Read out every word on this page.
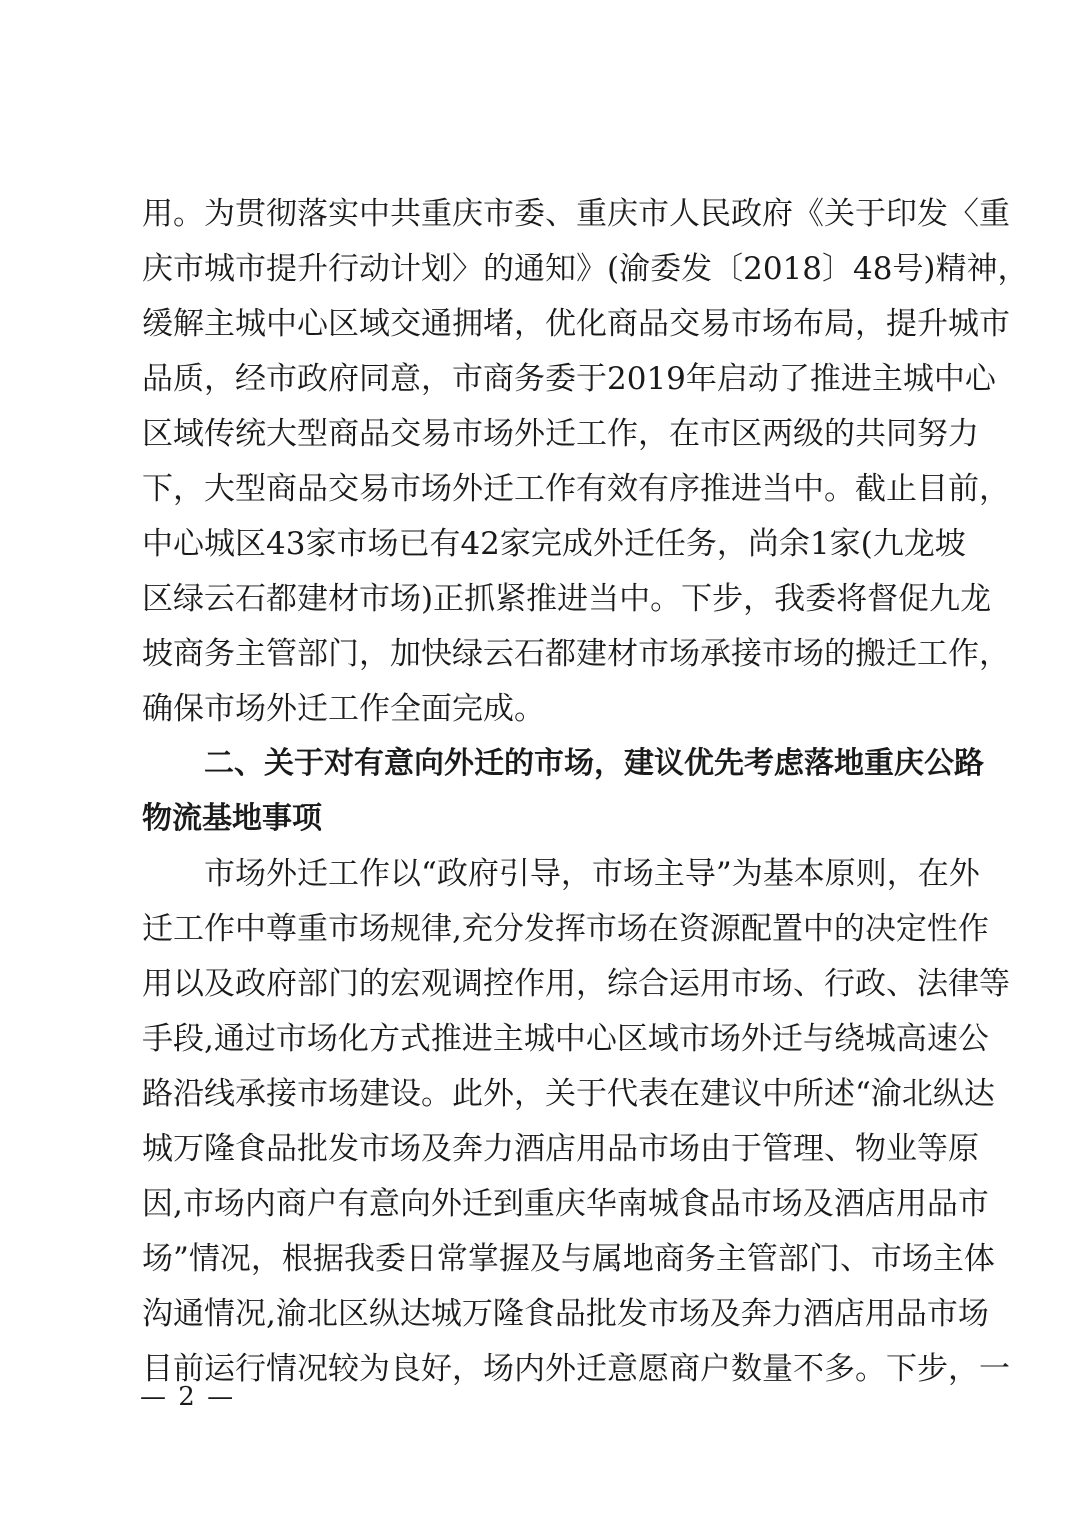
用。为贯彻落实中共重庆市委、重庆市人民政府《关于印发〈重
庆市城市提升行动计划〉的通知》(渝委发〔2018〕48号)精神，
缓解主城中心区域交通拥堵，优化商品交易市场布局，提升城市
品质，经市政府同意，市商务委于2019年启动了推进主城中心
区域传统大型商品交易市场外迁工作，在市区两级的共同努力
下，大型商品交易市场外迁工作有效有序推进当中。截止目前，
中心城区43家市场已有42家完成外迁任务，尚余1家(九龙坡
区绿云石都建材市场)正抓紧推进当中。下步，我委将督促九龙
坡商务主管部门，加快绿云石都建材市场承接市场的搬迁工作，
确保市场外迁工作全面完成。
二、关于对有意向外迁的市场，建议优先考虑落地重庆公路
物流基地事项
市场外迁工作以“政府引导，市场主导”为基本原则，在外
迁工作中尊重市场规律,充分发挥市场在资源配置中的决定性作
用以及政府部门的宏观调控作用，综合运用市场、行政、法律等
手段,通过市场化方式推进主城中心区域市场外迁与绕城高速公
路沿线承接市场建设。此外，关于代表在建议中所述“渝北纵达
城万隆食品批发市场及奔力酒店用品市场由于管理、物业等原
因,市场内商户有意向外迁到重庆华南城食品市场及酒店用品市
场”情况，根据我委日常掌握及与属地商务主管部门、市场主体
沟通情况,渝北区纵达城万隆食品批发市场及奔力酒店用品市场
目前运行情况较为良好，场内外迁意愿商户数量不多。下步，一
— 2 —
